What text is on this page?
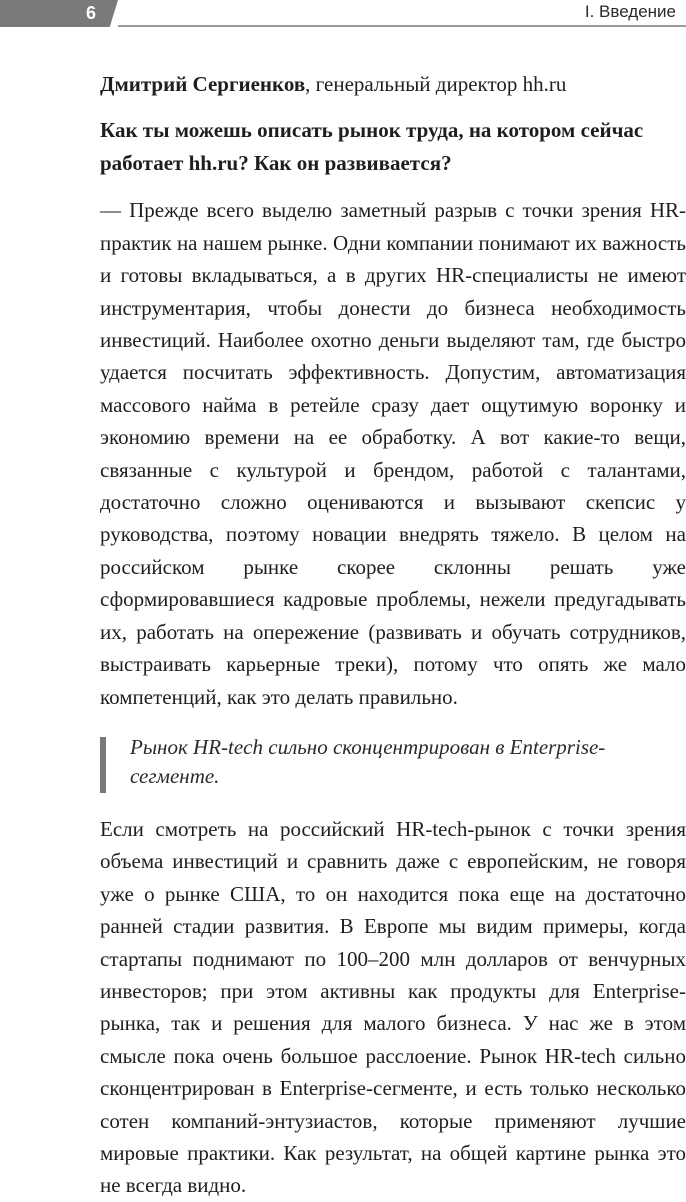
6	I. Введение

Дмитрий Сергиенков, генеральный директор hh.ru

Как ты можешь описать рынок труда, на котором сейчас работает hh.ru? Как он развивается?

— Прежде всего выделю заметный разрыв с точки зрения HR-практик на нашем рынке. Одни компании понимают их важность и готовы вкладываться, а в других HR-специалисты не имеют инструментария, чтобы донести до бизнеса необходимость инвестиций. Наиболее охотно деньги выделяют там, где быстро удается посчитать эффективность. Допустим, автоматизация массового найма в ретейле сразу дает ощутимую воронку и экономию времени на ее обработку. А вот какие-то вещи, связанные с культурой и брендом, работой с талантами, достаточно сложно оцениваются и вызывают скепсис у руководства, поэтому новации внедрять тяжело. В целом на российском рынке скорее склонны решать уже сформировавшиеся кадровые проблемы, нежели предугадывать их, работать на опережение (развивать и обучать сотрудников, выстраивать карьерные треки), потому что опять же мало компетенций, как это делать правильно.

Рынок HR-tech сильно сконцентрирован в Enterprise-сегменте.

Если смотреть на российский HR-tech-рынок с точки зрения объема инвестиций и сравнить даже с европейским, не говоря уже о рынке США, то он находится пока еще на достаточно ранней стадии развития. В Европе мы видим примеры, когда стартапы поднимают по 100–200 млн долларов от венчурных инвесторов; при этом активны как продукты для Enterprise-рынка, так и решения для малого бизнеса. У нас же в этом смысле пока очень большое расслоение. Рынок HR-tech сильно сконцентрирован в Enterprise-сегменте, и есть только несколько сотен компаний-энтузиастов, которые применяют лучшие мировые практики. Как результат, на общей картине рынка это не всегда видно.
